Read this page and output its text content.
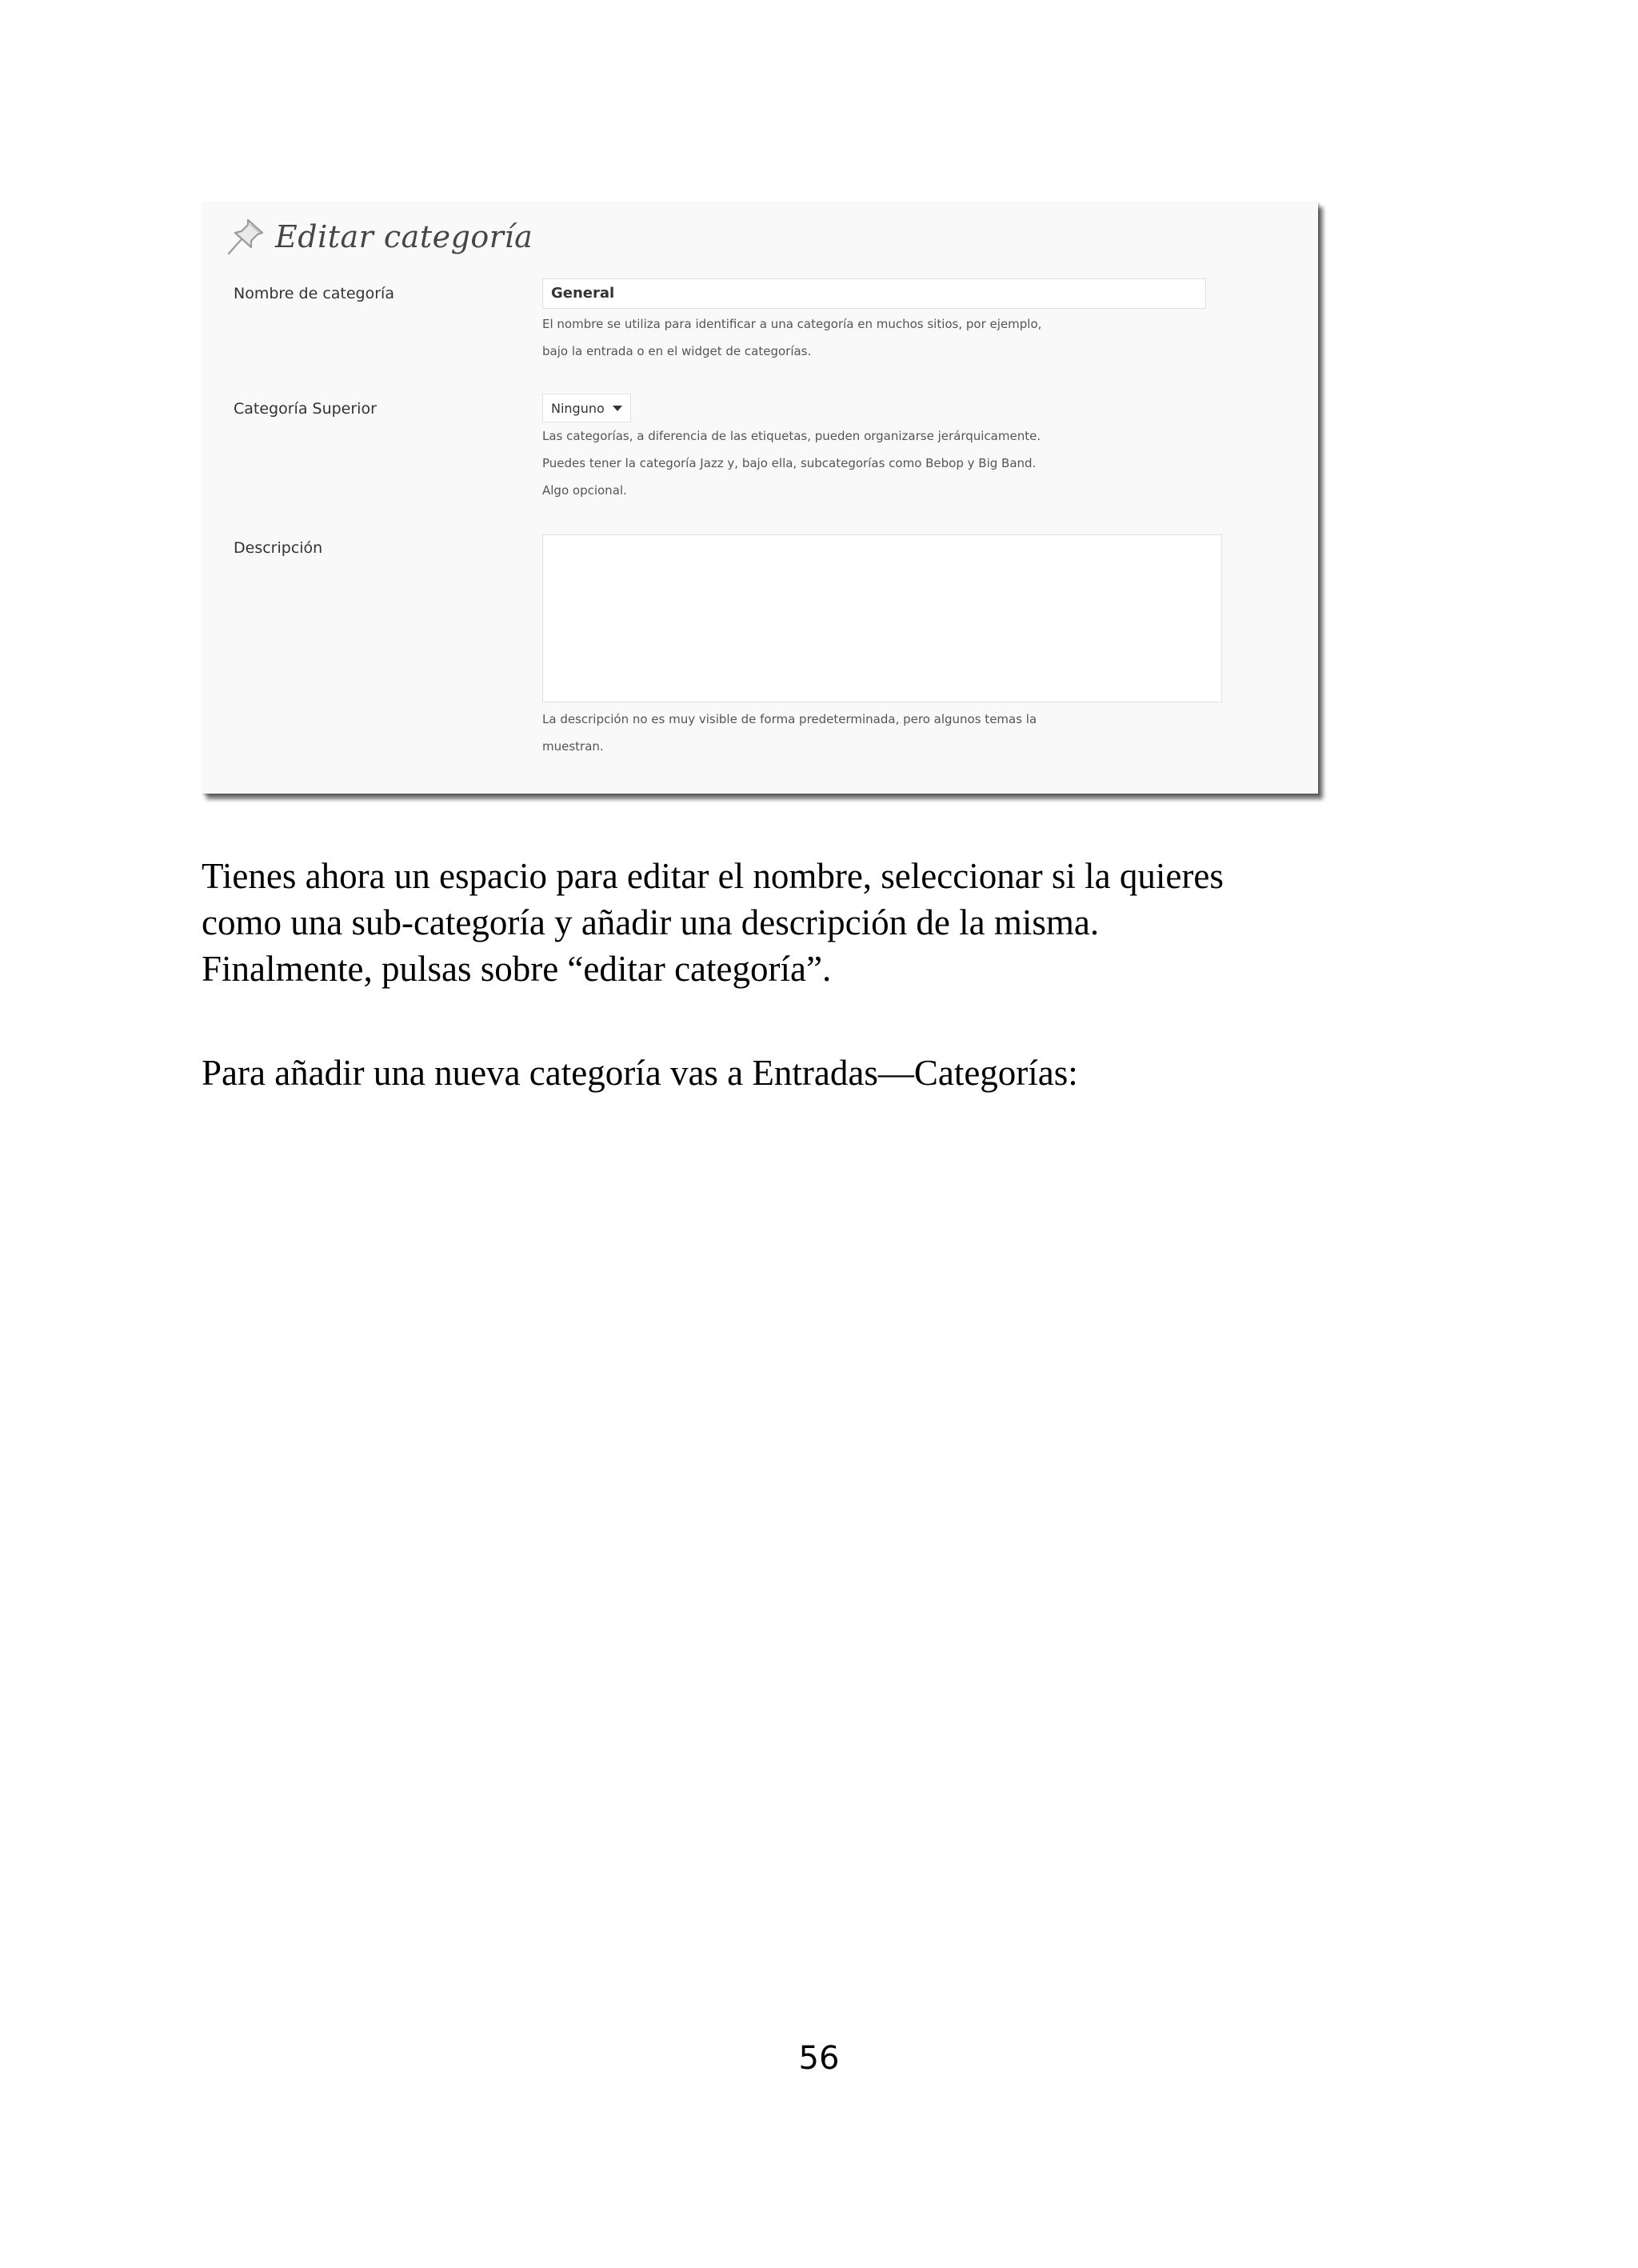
Editar categoría
Nombre de categoría	General

El nombre se utiliza para identificar a una categoría en muchos sitios, por ejemplo,

bajo la entrada o en el widget de categorías.

Categoría Superior	Ninguno

Las categorías, a diferencia de las etiquetas, pueden organizarse jerárquicamente.

Puedes tener la categoría Jazz y, bajo ella, subcategorías como Bebop y Big Band.

Algo opcional.

Descripción

La descripción no es muy visible de forma predeterminada, pero algunos temas la

muestran.

Tienes ahora un espacio para editar el nombre, seleccionar si la quieres

como una sub-categoría y añadir una descripción de la misma.

Finalmente, pulsas sobre “editar categoría”.

Para añadir una nueva categoría vas a Entradas—Categorías:

56
